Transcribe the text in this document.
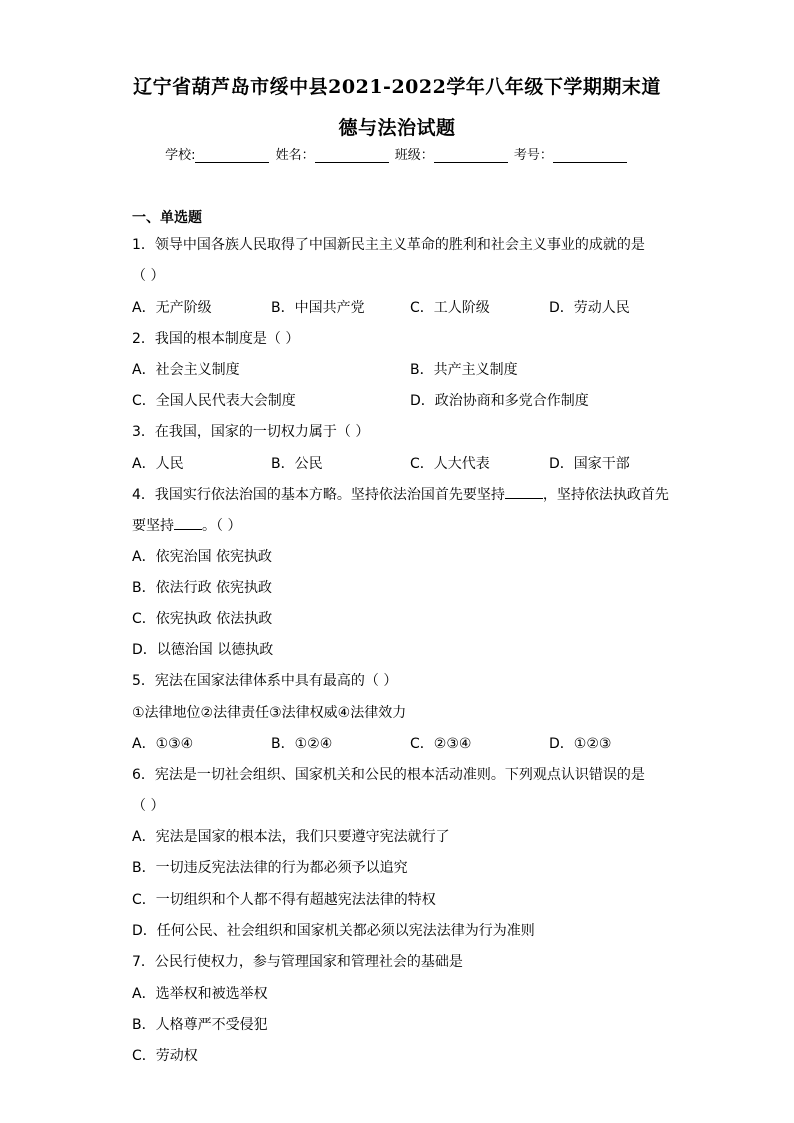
辽宁省葫芦岛市绥中县2021-2022学年八年级下学期期末道
德与法治试题
学校:	姓名：	班级：	考号：
一、单选题
1．领导中国各族人民取得了中国新民主主义革命的胜利和社会主义事业的成就的是
（ ）
A．无产阶级	B．中国共产党	C．工人阶级	D．劳动人民
2．我国的根本制度是（ ）
A．社会主义制度	B．共产主义制度
C．全国人民代表大会制度	D．政治协商和多党合作制度
3．在我国，国家的一切权力属于（ ）
A．人民	B．公民	C．人大代表	D．国家干部
4．我国实行依法治国的基本方略。坚持依法治国首先要坚持	，坚持依法执政首先
要坚持 。（ ）
A．依宪治国 依宪执政
B．依法行政 依宪执政
C．依宪执政 依法执政
D．以德治国 以德执政
5．宪法在国家法律体系中具有最高的（ ）
①法律地位②法律责任③法律权威④法律效力
A．①③④	B．①②④	C．②③④	D．①②③
6．宪法是一切社会组织、国家机关和公民的根本活动准则。下列观点认识错误的是
（ ）
A．宪法是国家的根本法，我们只要遵守宪法就行了
B．一切违反宪法法律的行为都必须予以追究
C．一切组织和个人都不得有超越宪法法律的特权
D．任何公民、社会组织和国家机关都必须以宪法法律为行为准则
7．公民行使权力，参与管理国家和管理社会的基础是
A．选举权和被选举权
B．人格尊严不受侵犯
C．劳动权
